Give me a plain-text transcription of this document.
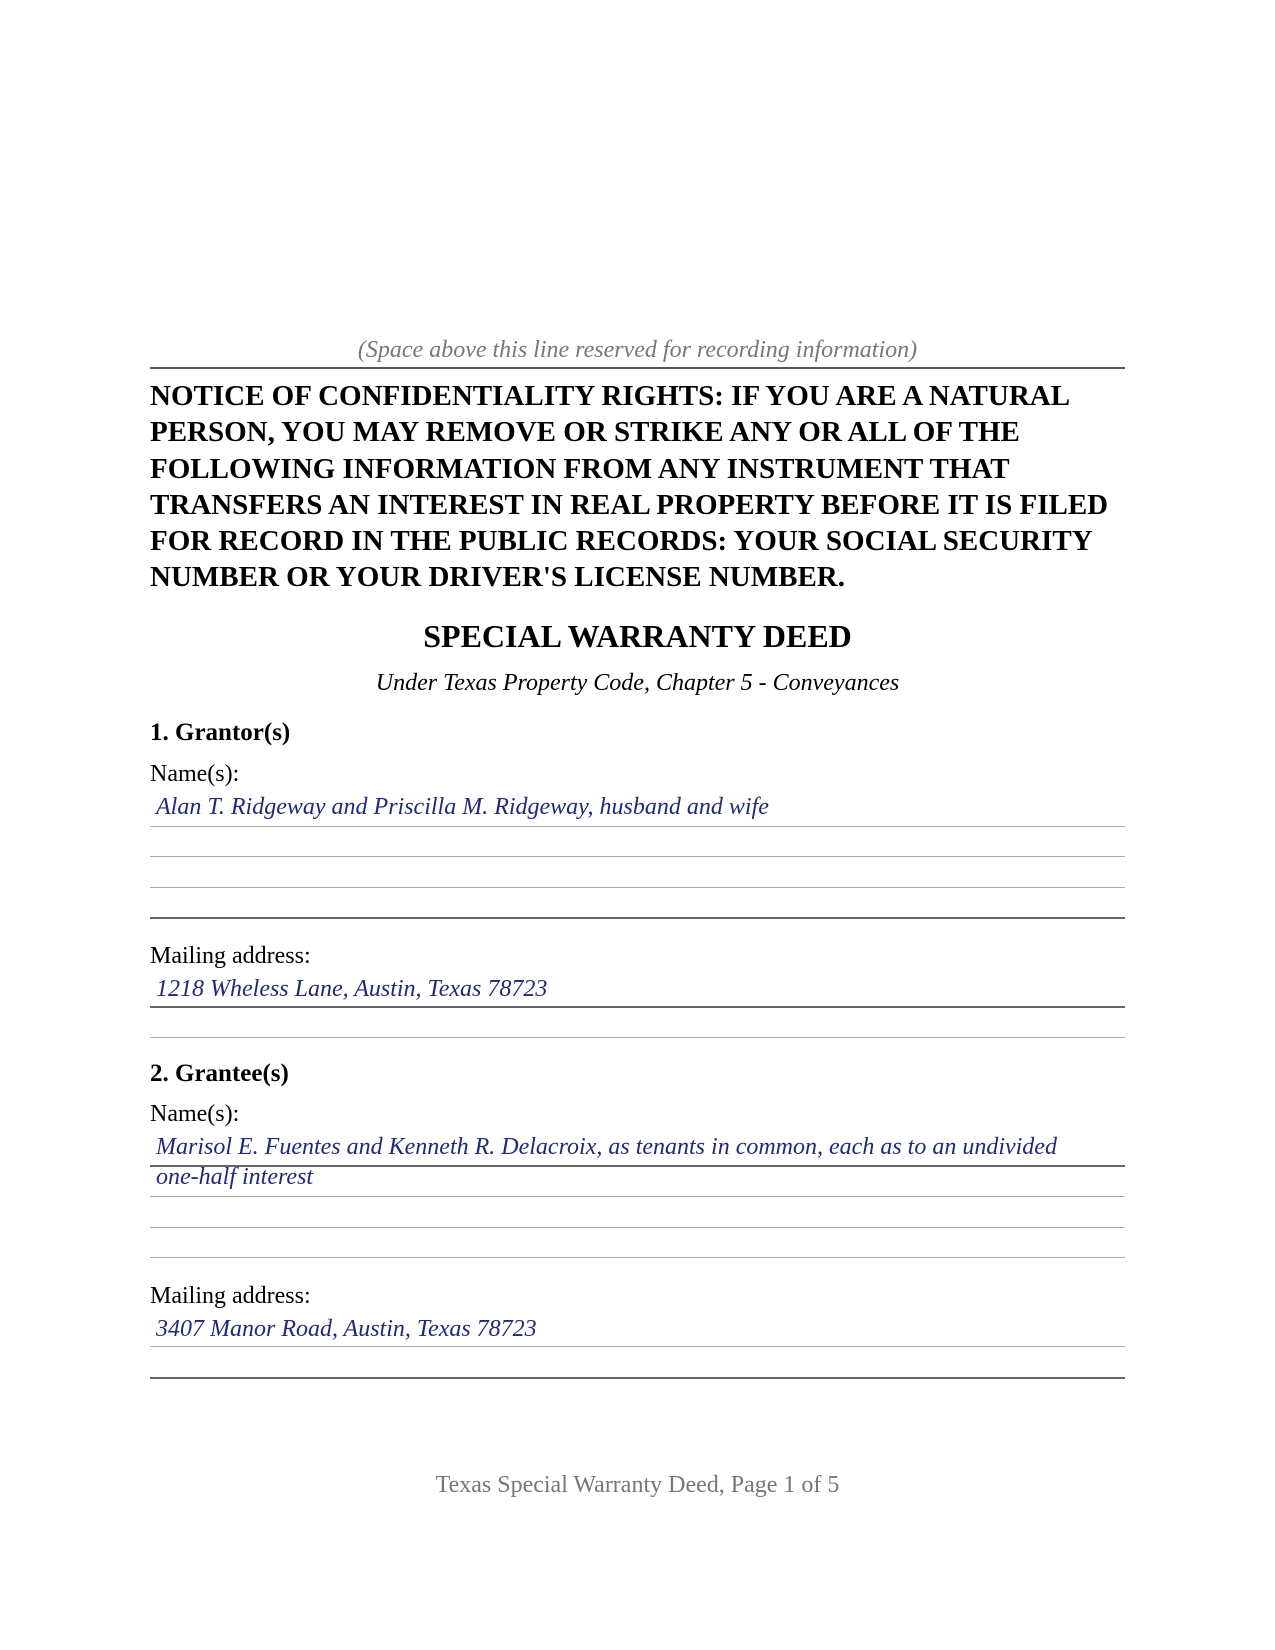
(Space above this line reserved for recording information)

NOTICE OF CONFIDENTIALITY RIGHTS: IF YOU ARE A NATURAL PERSON, YOU MAY REMOVE OR STRIKE ANY OR ALL OF THE FOLLOWING INFORMATION FROM ANY INSTRUMENT THAT TRANSFERS AN INTEREST IN REAL PROPERTY BEFORE IT IS FILED FOR RECORD IN THE PUBLIC RECORDS: YOUR SOCIAL SECURITY NUMBER OR YOUR DRIVER'S LICENSE NUMBER.

SPECIAL WARRANTY DEED
Under Texas Property Code, Chapter 5 - Conveyances
1. Grantor(s)
Name(s):
Alan T. Ridgeway and Priscilla M. Ridgeway, husband and wife
Mailing address:
1218 Wheless Lane, Austin, Texas 78723
2. Grantee(s)
Name(s):
Marisol E. Fuentes and Kenneth R. Delacroix, as tenants in common, each as to an undivided
one-half interest
Mailing address:
3407 Manor Road, Austin, Texas 78723
Texas Special Warranty Deed, Page 1 of 5
